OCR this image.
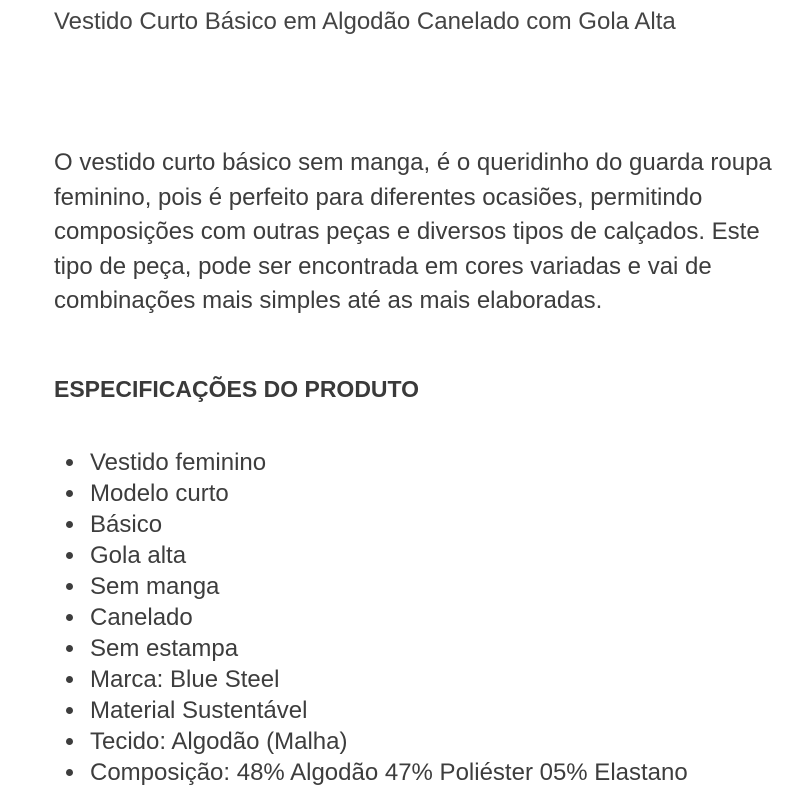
Vestido Curto Básico em Algodão Canelado com Gola Alta

O vestido curto básico sem manga, é o queridinho do guarda roupa feminino, pois é perfeito para diferentes ocasiões, permitindo composições com outras peças e diversos tipos de calçados. Este tipo de peça, pode ser encontrada em cores variadas e vai de combinações mais simples até as mais elaboradas.

ESPECIFICAÇÕES DO PRODUTO
Vestido feminino
Modelo curto
Básico
Gola alta
Sem manga
Canelado
Sem estampa
Marca: Blue Steel
Material Sustentável
Tecido: Algodão (Malha)
Composição: 48% Algodão 47% Poliéster 05% Elastano
